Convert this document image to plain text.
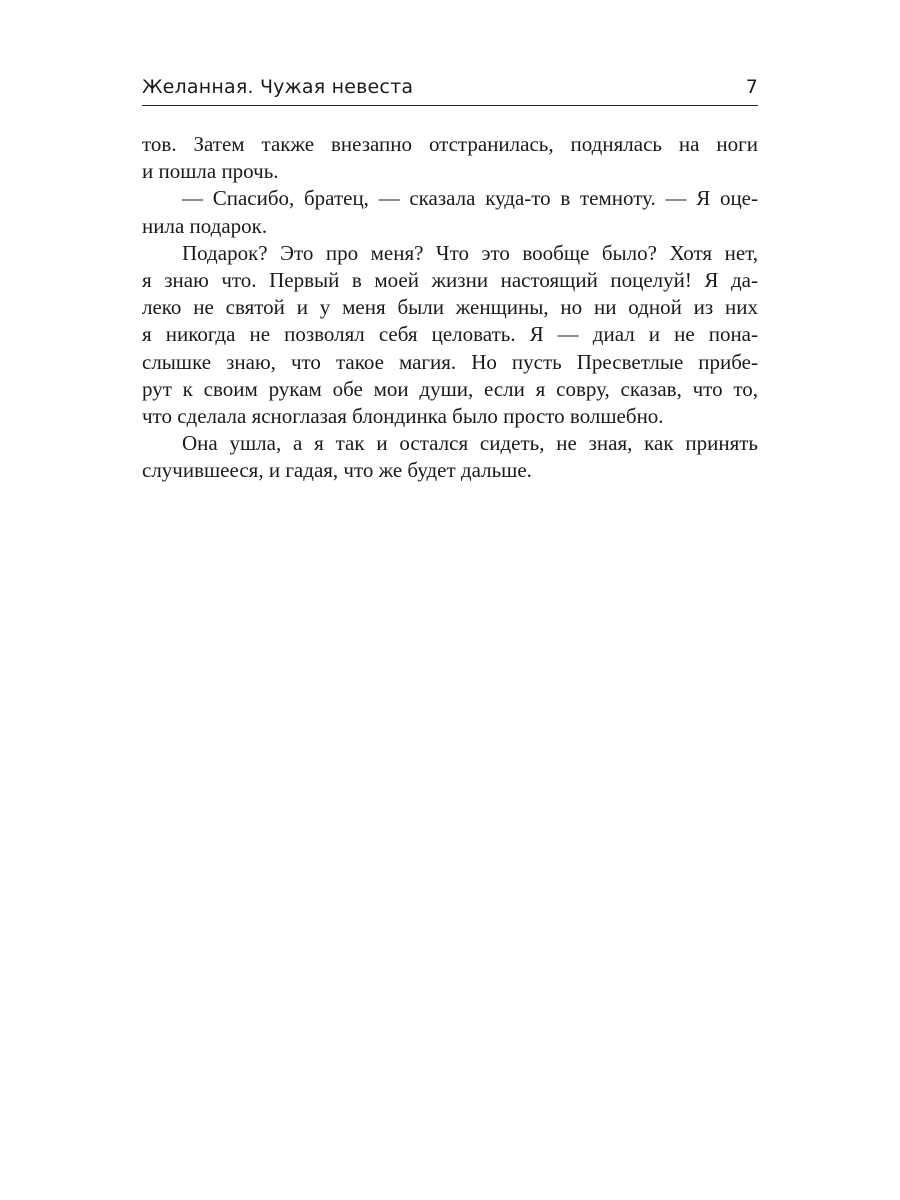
Желанная. Чужая невеста	7
тов. Затем также внезапно отстранилась, поднялась на ноги
и пошла прочь.
— Спасибо, братец, — сказала куда-то в темноту. — Я оце-
нила подарок.
Подарок? Это про меня? Что это вообще было? Хотя нет,
я знаю что. Первый в моей жизни настоящий поцелуй! Я да-
леко не святой и у меня были женщины, но ни одной из них
я никогда не позволял себя целовать. Я — диал и не пона-
слышке знаю, что такое магия. Но пусть Пресветлые прибе-
рут к своим рукам обе мои души, если я совру, сказав, что то,
что сделала ясноглазая блондинка было просто волшебно.
Она ушла, а я так и остался сидеть, не зная, как принять
случившееся, и гадая, что же будет дальше.
